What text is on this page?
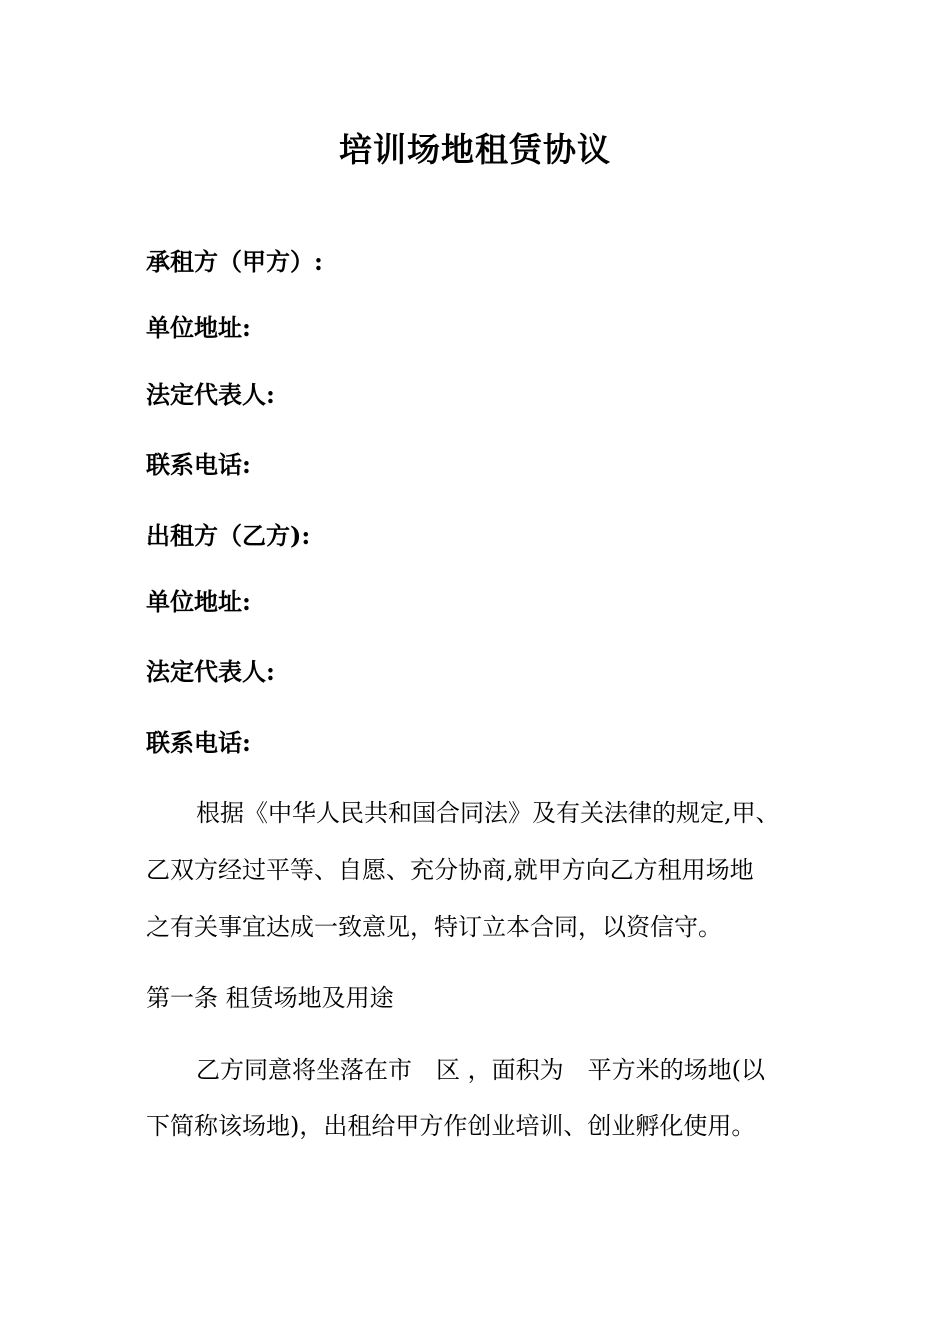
培训场地租赁协议
承租方（甲方）:
单位地址:
法定代表人:
联系电话:
出租方（乙方):
单位地址:
法定代表人:
联系电话:
根据《中华人民共和国合同法》及有关法律的规定,甲、
乙双方经过平等、自愿、充分协商,就甲方向乙方租用场地
之有关事宜达成一致意见，特订立本合同，以资信守。
第一条 租赁场地及用途
乙方同意将坐落在市　区 ，面积为　平方米的场地(以
下简称该场地)，出租给甲方作创业培训、创业孵化使用。
